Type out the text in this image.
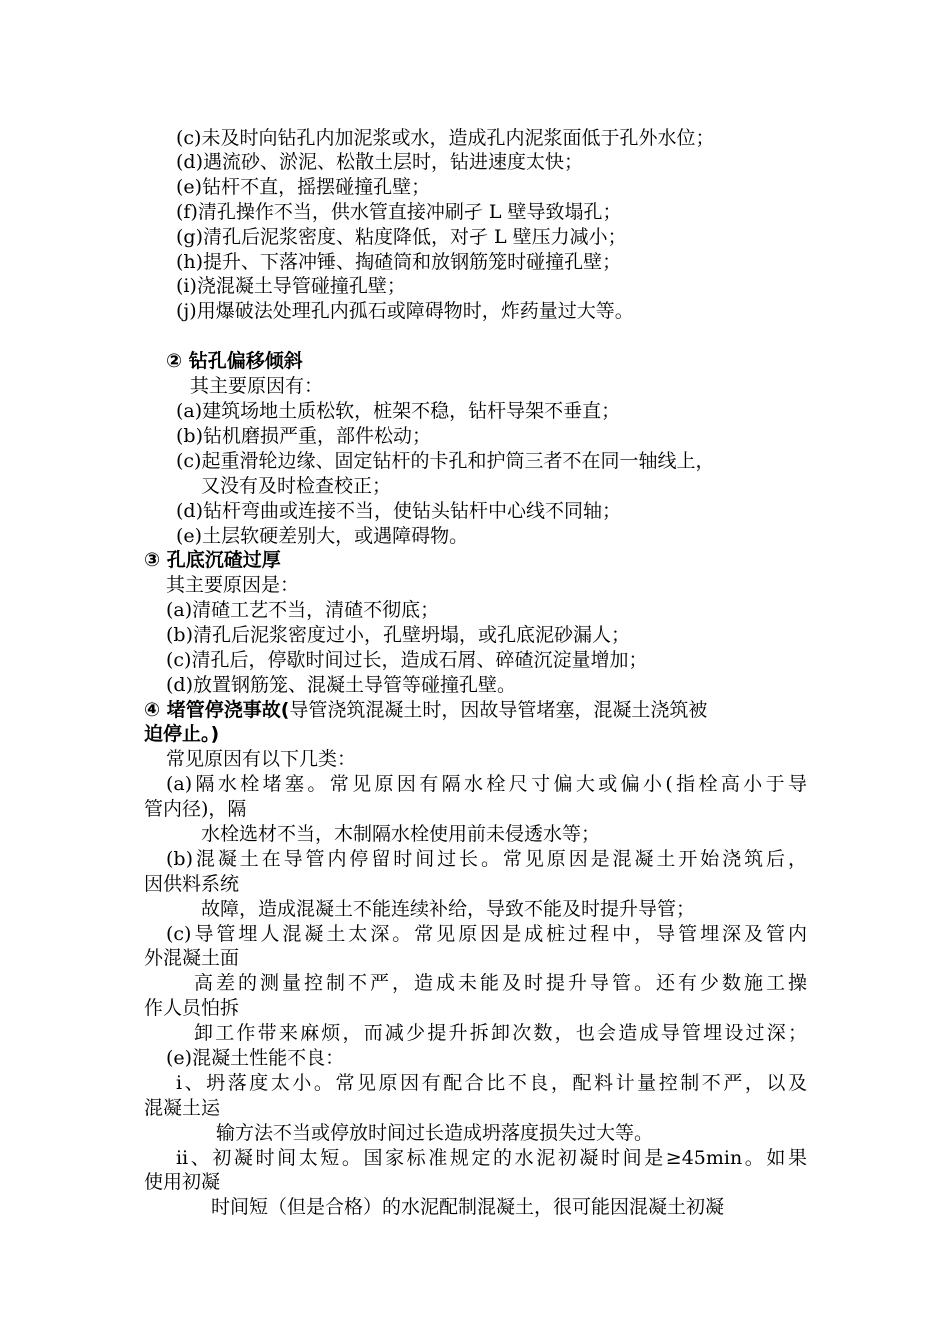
(c)未及时向钻孔内加泥浆或水，造成孔内泥浆面低于孔外水位；
(d)遇流砂、淤泥、松散土层时，钻进速度太快；
(e)钻杆不直，摇摆碰撞孔壁；
(f)清孔操作不当，供水管直接冲刷孑 L 壁导致塌孔；
(g)清孔后泥浆密度、粘度降低，对孑 L 壁压力减小；
(h)提升、下落冲锤、掏碴筒和放钢筋笼时碰撞孔壁；
(i)浇混凝土导管碰撞孔壁；
(j)用爆破法处理孔内孤石或障碍物时，炸药量过大等。
② 钻孔偏移倾斜
其主要原因有：
(a)建筑场地土质松软，桩架不稳，钻杆导架不垂直；
(b)钻机磨损严重，部件松动；
(c)起重滑轮边缘、固定钻杆的卡孔和护筒三者不在同一轴线上，
又没有及时检查校正；
(d)钻杆弯曲或连接不当，使钻头钻杆中心线不同轴；
(e)土层软硬差别大，或遇障碍物。
③ 孔底沉碴过厚
其主要原因是：
(a)清碴工艺不当，清碴不彻底；
(b)清孔后泥浆密度过小，孔壁坍塌，或孔底泥砂漏人；
(c)清孔后，停歇时间过长，造成石屑、碎碴沉淀量增加；
(d)放置钢筋笼、混凝土导管等碰撞孔壁。
④ 堵管停浇事故(导管浇筑混凝土时，因故导管堵塞，混凝土浇筑被
迫停止。)
常见原因有以下几类：
(a)隔水栓堵塞。常见原因有隔水栓尺寸偏大或偏小(指栓高小于导
管内径)，隔
水栓选材不当，木制隔水栓使用前未侵透水等；
(b)混凝土在导管内停留时间过长。常见原因是混凝土开始浇筑后，
因供料系统
故障，造成混凝土不能连续补给，导致不能及时提升导管；
(c)导管埋人混凝土太深。常见原因是成桩过程中，导管埋深及管内
外混凝土面
高差的测量控制不严，造成未能及时提升导管。还有少数施工操
作人员怕拆
卸工作带来麻烦，而减少提升拆卸次数，也会造成导管埋设过深；
(e)混凝土性能不良：
ⅰ、坍落度太小。常见原因有配合比不良，配料计量控制不严，以及
混凝土运
输方法不当或停放时间过长造成坍落度损失过大等。
ⅱ、初凝时间太短。国家标准规定的水泥初凝时间是≥45min。如果
使用初凝
时间短（但是合格）的水泥配制混凝土，很可能因混凝土初凝
